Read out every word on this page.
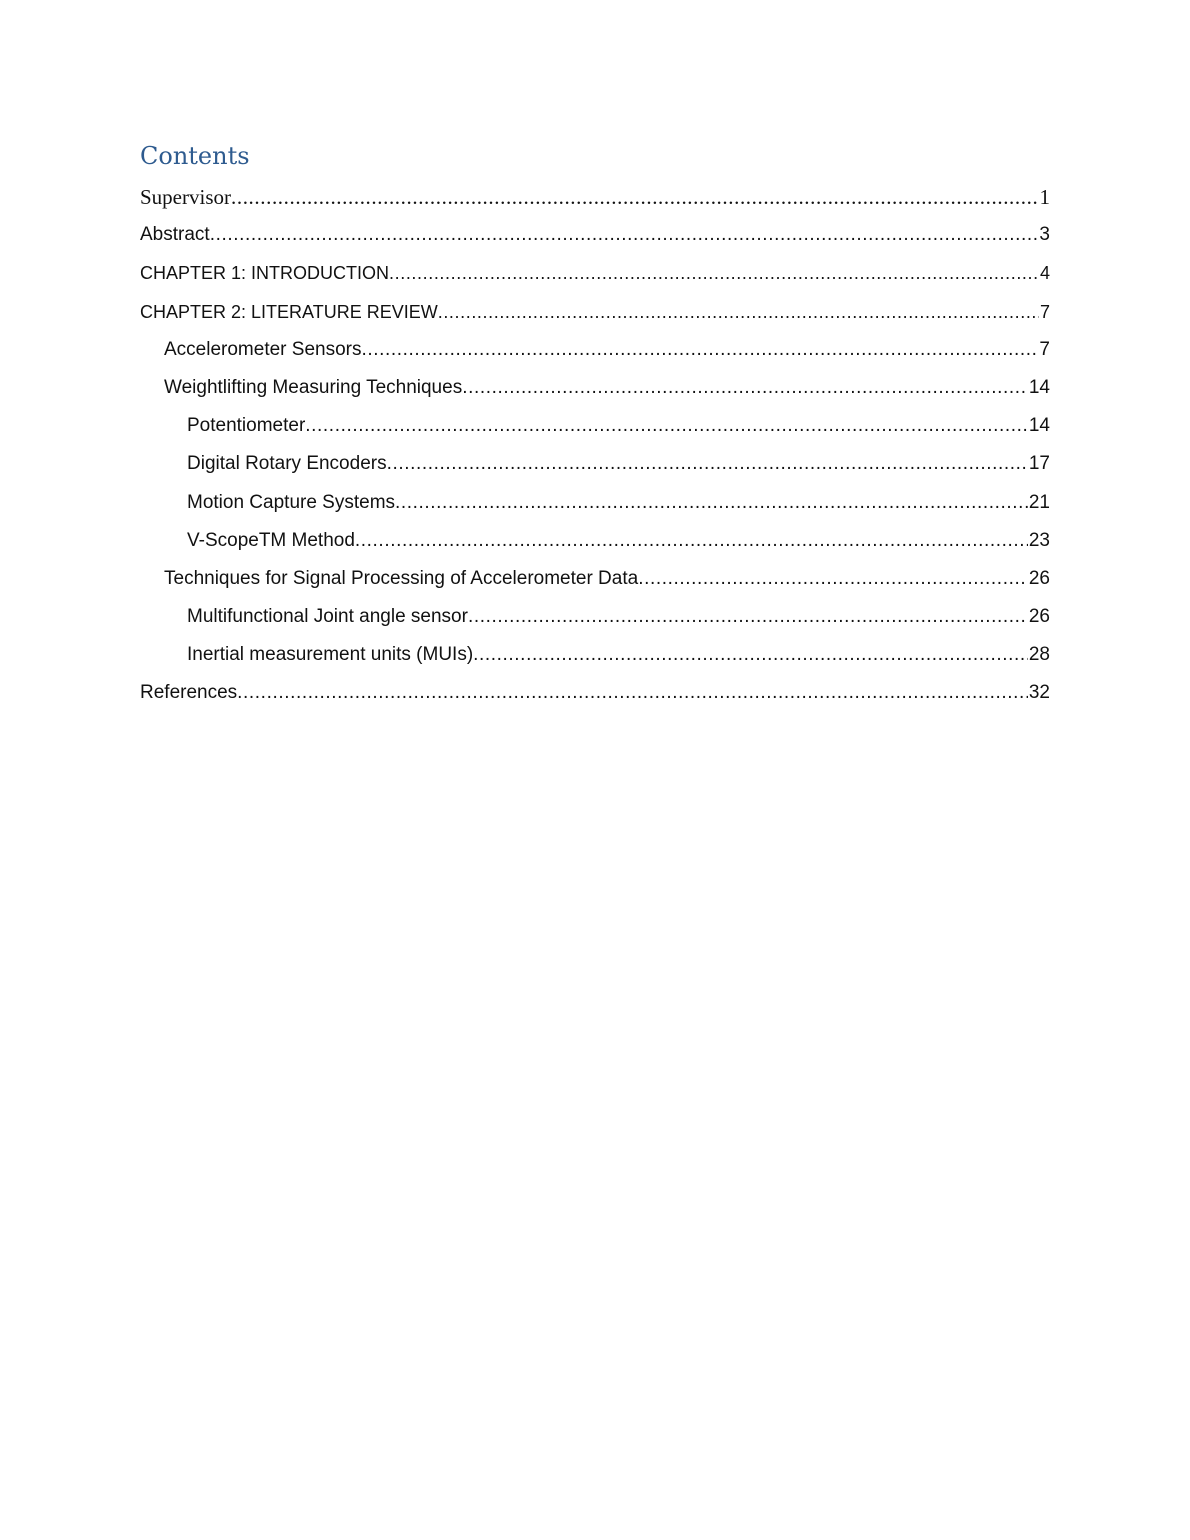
Contents
Supervisor .....	1
Abstract .....	3
CHAPTER 1: INTRODUCTION .....	4
CHAPTER 2: LITERATURE REVIEW .....	7
Accelerometer Sensors .....	7
Weightlifting Measuring Techniques .....	14
Potentiometer .....	14
Digital Rotary Encoders .....	17
Motion Capture Systems .....	21
V-ScopeTM Method .....	23
Techniques for Signal Processing of Accelerometer Data .....	26
Multifunctional Joint angle sensor .....	26
Inertial measurement units (MUIs) .....	28
References .....	32
